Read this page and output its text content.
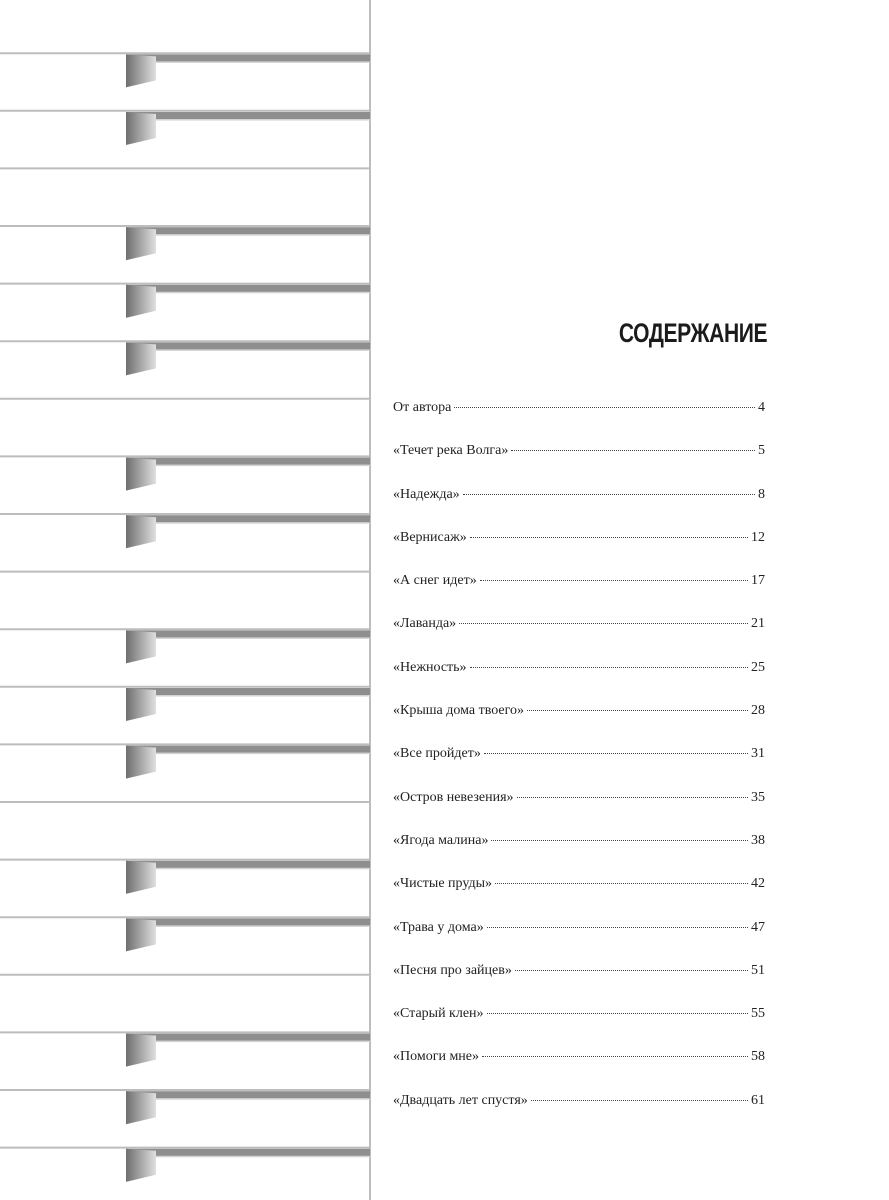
СОДЕРЖАНИЕ
От автора	4
«Течет река Волга»	5
«Надежда»	8
«Вернисаж»	12
«А снег идет»	17
«Лаванда»	21
«Нежность»	25
«Крыша дома твоего»	28
«Все пройдет»	31
«Остров невезения»	35
«Ягода малина»	38
«Чистые пруды»	42
«Трава у дома»	47
«Песня про зайцев»	51
«Старый клен»	55
«Помоги мне»	58
«Двадцать лет спустя»	61
